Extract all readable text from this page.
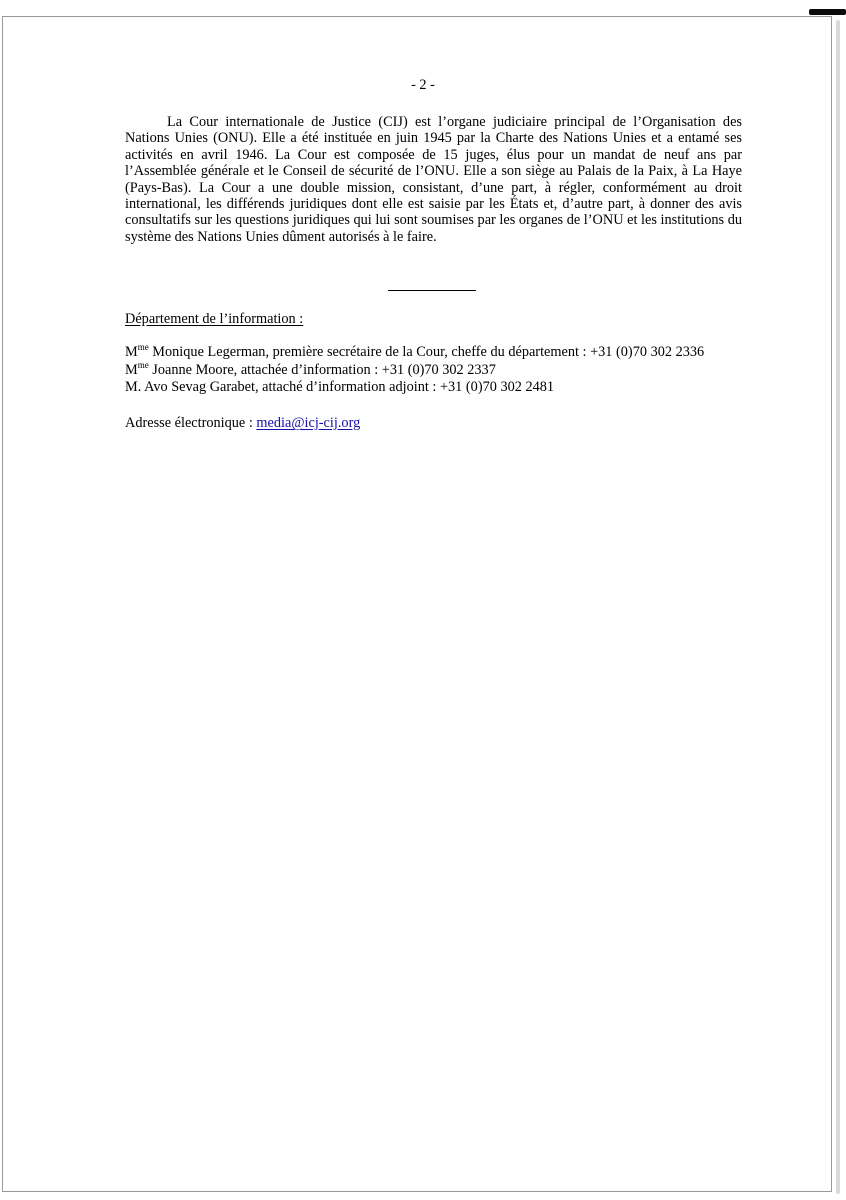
- 2 -

La Cour internationale de Justice (CIJ) est l’organe judiciaire principal de l’Organisation des Nations Unies (ONU). Elle a été instituée en juin 1945 par la Charte des Nations Unies et a entamé ses activités en avril 1946. La Cour est composée de 15 juges, élus pour un mandat de neuf ans par l’Assemblée générale et le Conseil de sécurité de l’ONU. Elle a son siège au Palais de la Paix, à La Haye (Pays-Bas). La Cour a une double mission, consistant, d’une part, à régler, conformément au droit international, les différends juridiques dont elle est saisie par les États et, d’autre part, à donner des avis consultatifs sur les questions juridiques qui lui sont soumises par les organes de l’ONU et les institutions du système des Nations Unies dûment autorisés à le faire.

Département de l’information :
$M^{me}$ Monique Legerman, première secrétaire de la Cour, cheffe du département : +31 (0)70 302 2336
$M^{me}$ Joanne Moore, attachée d’information : +31 (0)70 302 2337
M. Avo Sevag Garabet, attaché d’information adjoint : +31 (0)70 302 2481
Adresse électronique : media@icj-cij.org
